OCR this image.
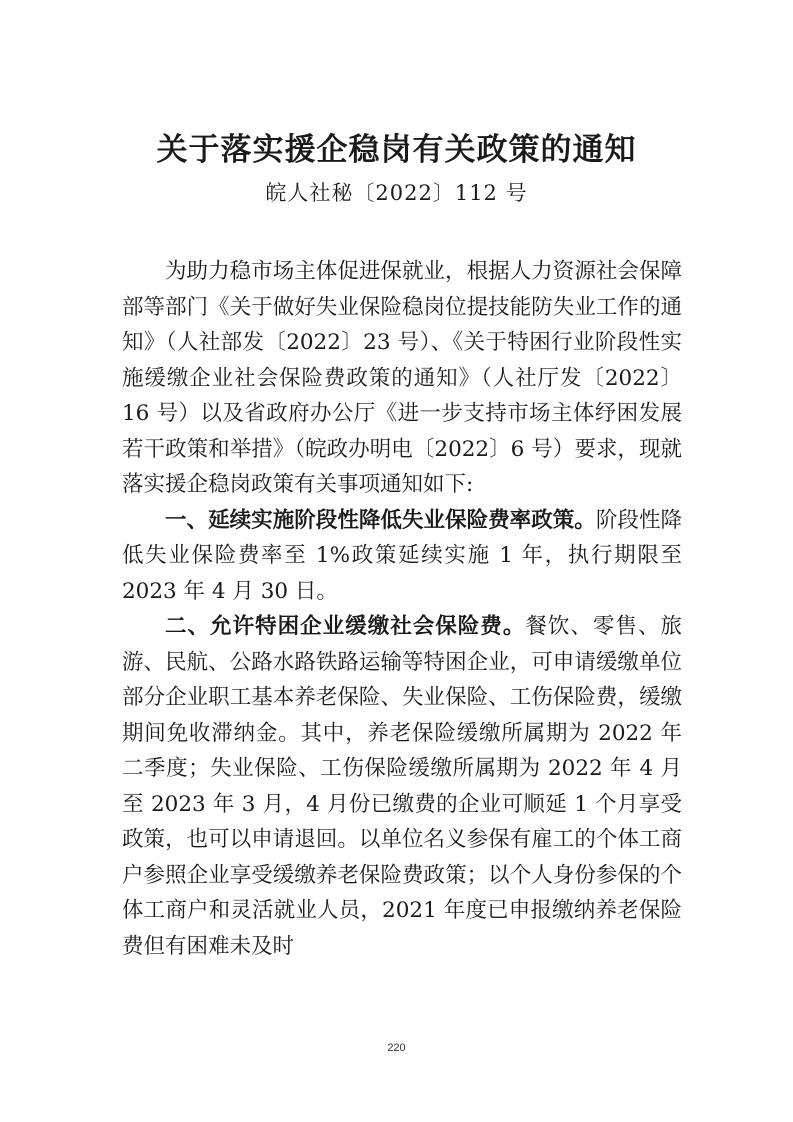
关于落实援企稳岗有关政策的通知
皖人社秘〔2022〕112 号

为助力稳市场主体促进保就业，根据人力资源社会保障部等部门《关于做好失业保险稳岗位提技能防失业工作的通知》（人社部发〔2022〕23 号）、《关于特困行业阶段性实施缓缴企业社会保险费政策的通知》（人社厅发〔2022〕16 号）以及省政府办公厅《进一步支持市场主体纾困发展若干政策和举措》（皖政办明电〔2022〕6 号）要求，现就落实援企稳岗政策有关事项通知如下:

一、延续实施阶段性降低失业保险费率政策。阶段性降低失业保险费率至 1%政策延续实施 1 年，执行期限至 2023 年 4 月 30 日。

二、允许特困企业缓缴社会保险费。餐饮、零售、旅游、民航、公路水路铁路运输等特困企业，可申请缓缴单位部分企业职工基本养老保险、失业保险、工伤保险费，缓缴期间免收滞纳金。其中，养老保险缓缴所属期为 2022 年二季度；失业保险、工伤保险缓缴所属期为 2022 年 4 月至 2023 年 3 月，4 月份已缴费的企业可顺延 1 个月享受政策，也可以申请退回。以单位名义参保有雇工的个体工商户参照企业享受缓缴养老保险费政策；以个人身份参保的个体工商户和灵活就业人员，2021 年度已申报缴纳养老保险费但有困难未及时

220
